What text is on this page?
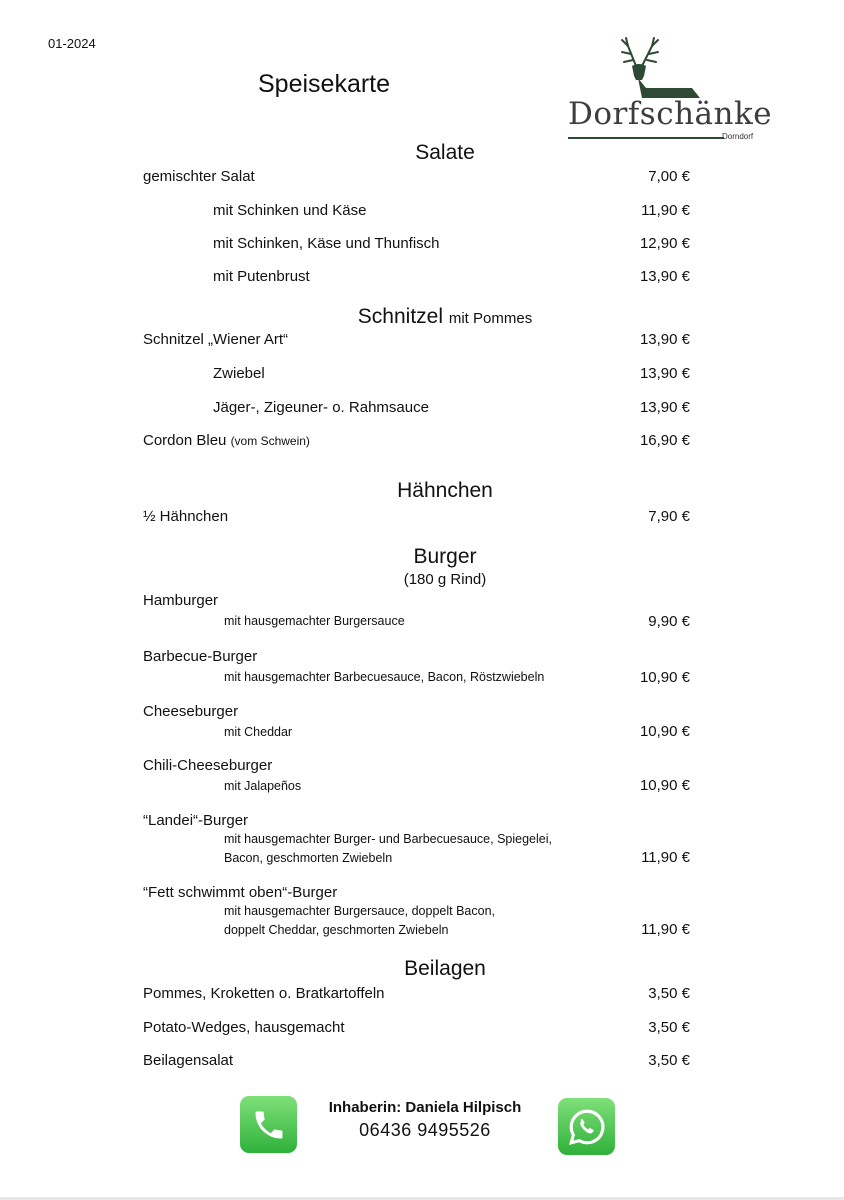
01-2024
Speisekarte
Dorfschänke
Dorndorf
Salate
gemischter Salat	7,00 €
mit Schinken und Käse	11,90 €
mit Schinken, Käse und Thunfisch	12,90 €
mit Putenbrust	13,90 €
Schnitzel mit Pommes
Schnitzel „Wiener Art“	13,90 €
Zwiebel	13,90 €
Jäger-, Zigeuner- o. Rahmsauce	13,90 €
Cordon Bleu (vom Schwein)	16,90 €
Hähnchen
½ Hähnchen	7,90 €
Burger
(180 g Rind)
Hamburger
mit hausgemachter Burgersauce	9,90 €
Barbecue-Burger
mit hausgemachter Barbecuesauce, Bacon, Röstzwiebeln	10,90 €
Cheeseburger
mit Cheddar	10,90 €
Chili-Cheeseburger
mit Jalapeños	10,90 €
“Landei“-Burger
mit hausgemachter Burger- und Barbecuesauce, Spiegelei,
Bacon, geschmorten Zwiebeln	11,90 €
“Fett schwimmt oben“-Burger
mit hausgemachter Burgersauce, doppelt Bacon,
doppelt Cheddar, geschmorten Zwiebeln	11,90 €
Beilagen
Pommes, Kroketten o. Bratkartoffeln	3,50 €
Potato-Wedges, hausgemacht	3,50 €
Beilagensalat	3,50 €
Inhaberin: Daniela Hilpisch
06436 9495526
